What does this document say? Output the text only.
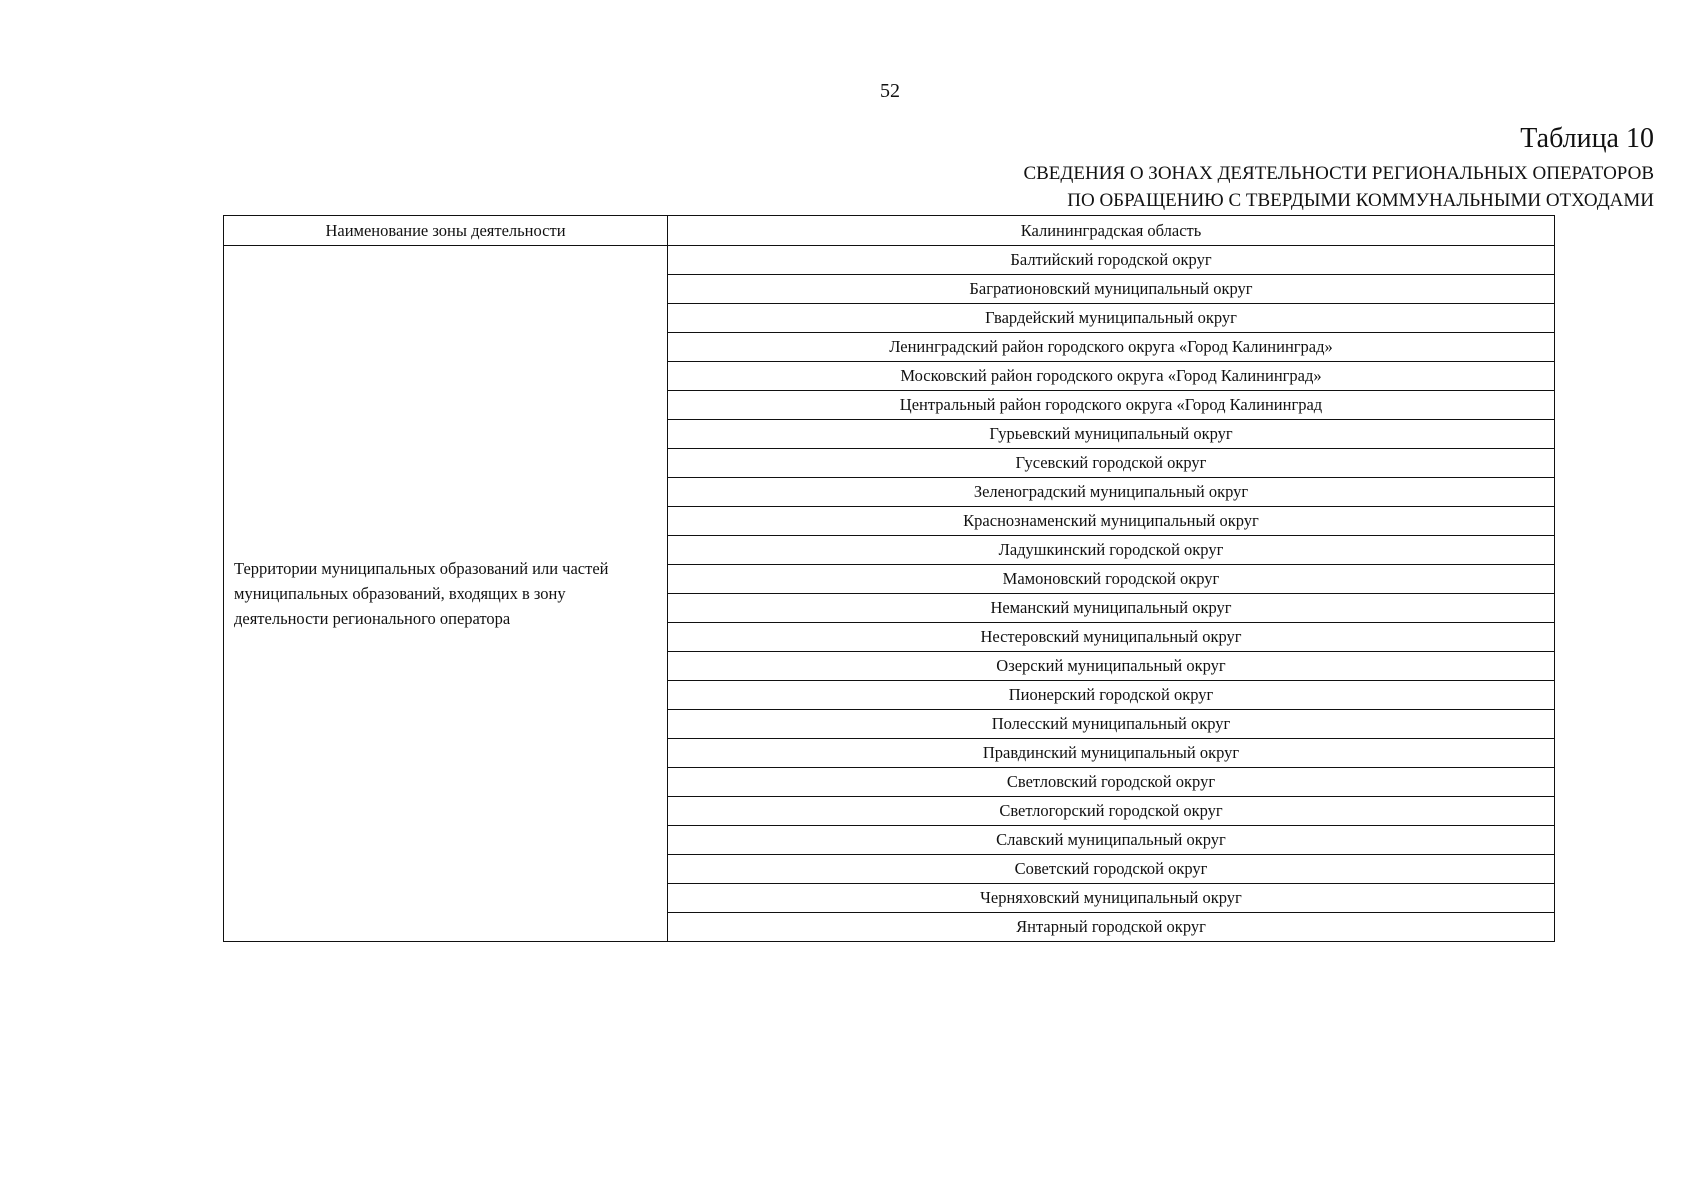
52
Таблица 10
СВЕДЕНИЯ О ЗОНАХ ДЕЯТЕЛЬНОСТИ РЕГИОНАЛЬНЫХ ОПЕРАТОРОВ
ПО ОБРАЩЕНИЮ С ТВЕРДЫМИ КОММУНАЛЬНЫМИ ОТХОДАМИ
Наименование зоны деятельности	Калининградская область
Территории муниципальных образований или частей муниципальных образований, входящих в зону деятельности регионального оператора	Балтийский городской округ
	Багратионовский муниципальный округ
	Гвардейский муниципальный округ
	Ленинградский район городского округа «Город Калининград»
	Московский район городского округа «Город Калининград»
	Центральный район городского округа «Город Калининград
	Гурьевский муниципальный округ
	Гусевский городской округ
	Зеленоградский муниципальный округ
	Краснознаменский муниципальный округ
	Ладушкинский городской округ
	Мамоновский городской округ
	Неманский муниципальный округ
	Нестеровский муниципальный округ
	Озерский муниципальный округ
	Пионерский городской округ
	Полесский муниципальный округ
	Правдинский муниципальный округ
	Светловский городской округ
	Светлогорский городской округ
	Славский муниципальный округ
	Советский городской округ
	Черняховский муниципальный округ
	Янтарный городской округ
